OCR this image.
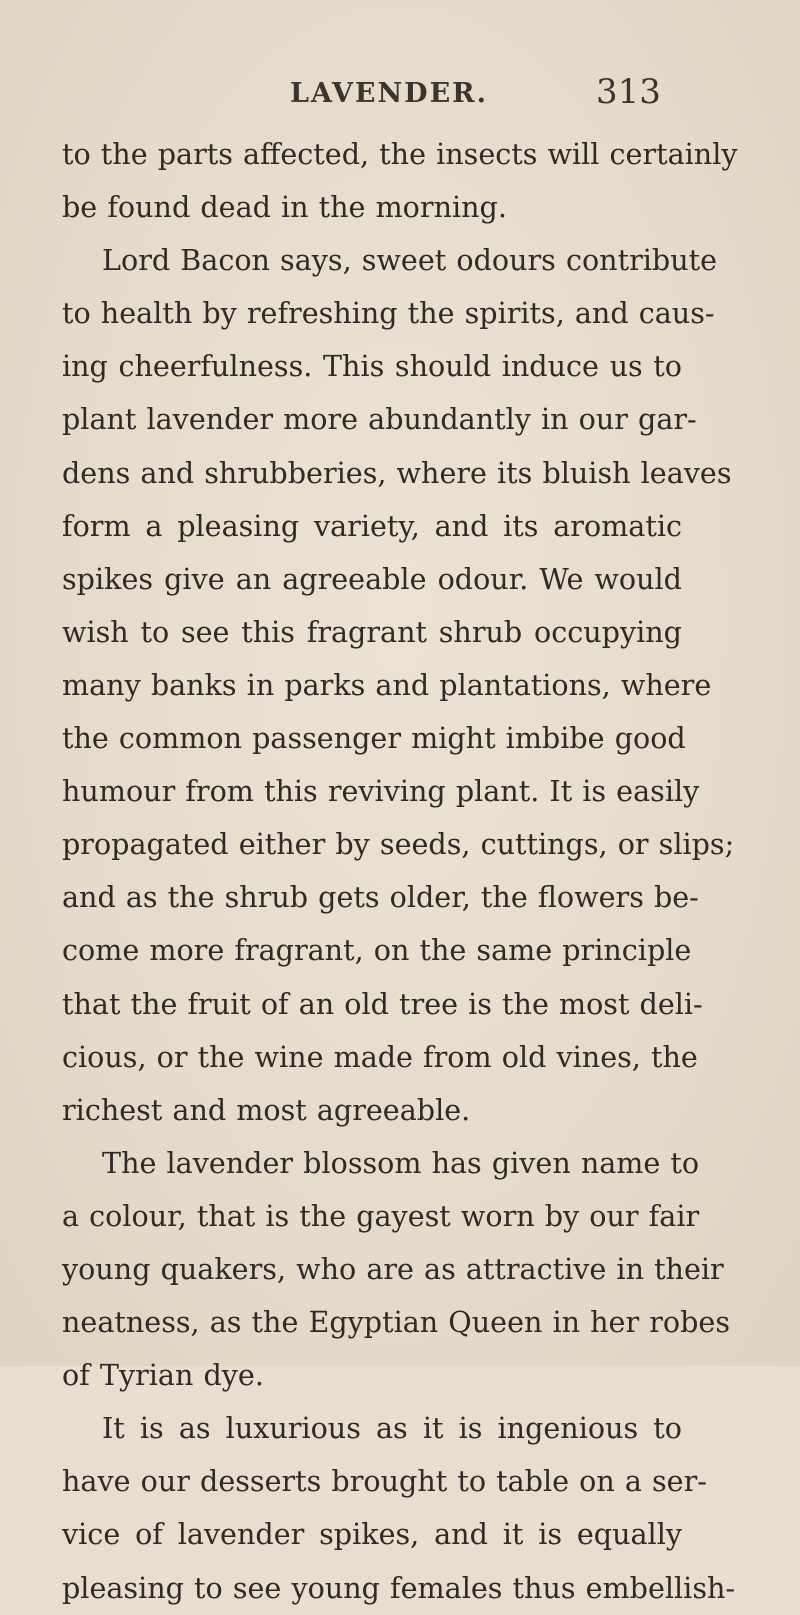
LAVENDER.	313
to the parts affected, the insects will certainly
be found dead in the morning.
Lord Bacon says, sweet odours contribute
to health by refreshing the spirits, and caus-
ing cheerfulness. This should induce us to
plant lavender more abundantly in our gar-
dens and shrubberies, where its bluish leaves
form a pleasing variety, and its aromatic
spikes give an agreeable odour. We would
wish to see this fragrant shrub occupying
many banks in parks and plantations, where
the common passenger might imbibe good
humour from this reviving plant. It is easily
propagated either by seeds, cuttings, or slips;
and as the shrub gets older, the flowers be-
come more fragrant, on the same principle
that the fruit of an old tree is the most deli-
cious, or the wine made from old vines, the
richest and most agreeable.
The lavender blossom has given name to
a colour, that is the gayest worn by our fair
young quakers, who are as attractive in their
neatness, as the Egyptian Queen in her robes
of Tyrian dye.
It is as luxurious as it is ingenious to
have our desserts brought to table on a ser-
vice of lavender spikes, and it is equally
pleasing to see young females thus embellish-
